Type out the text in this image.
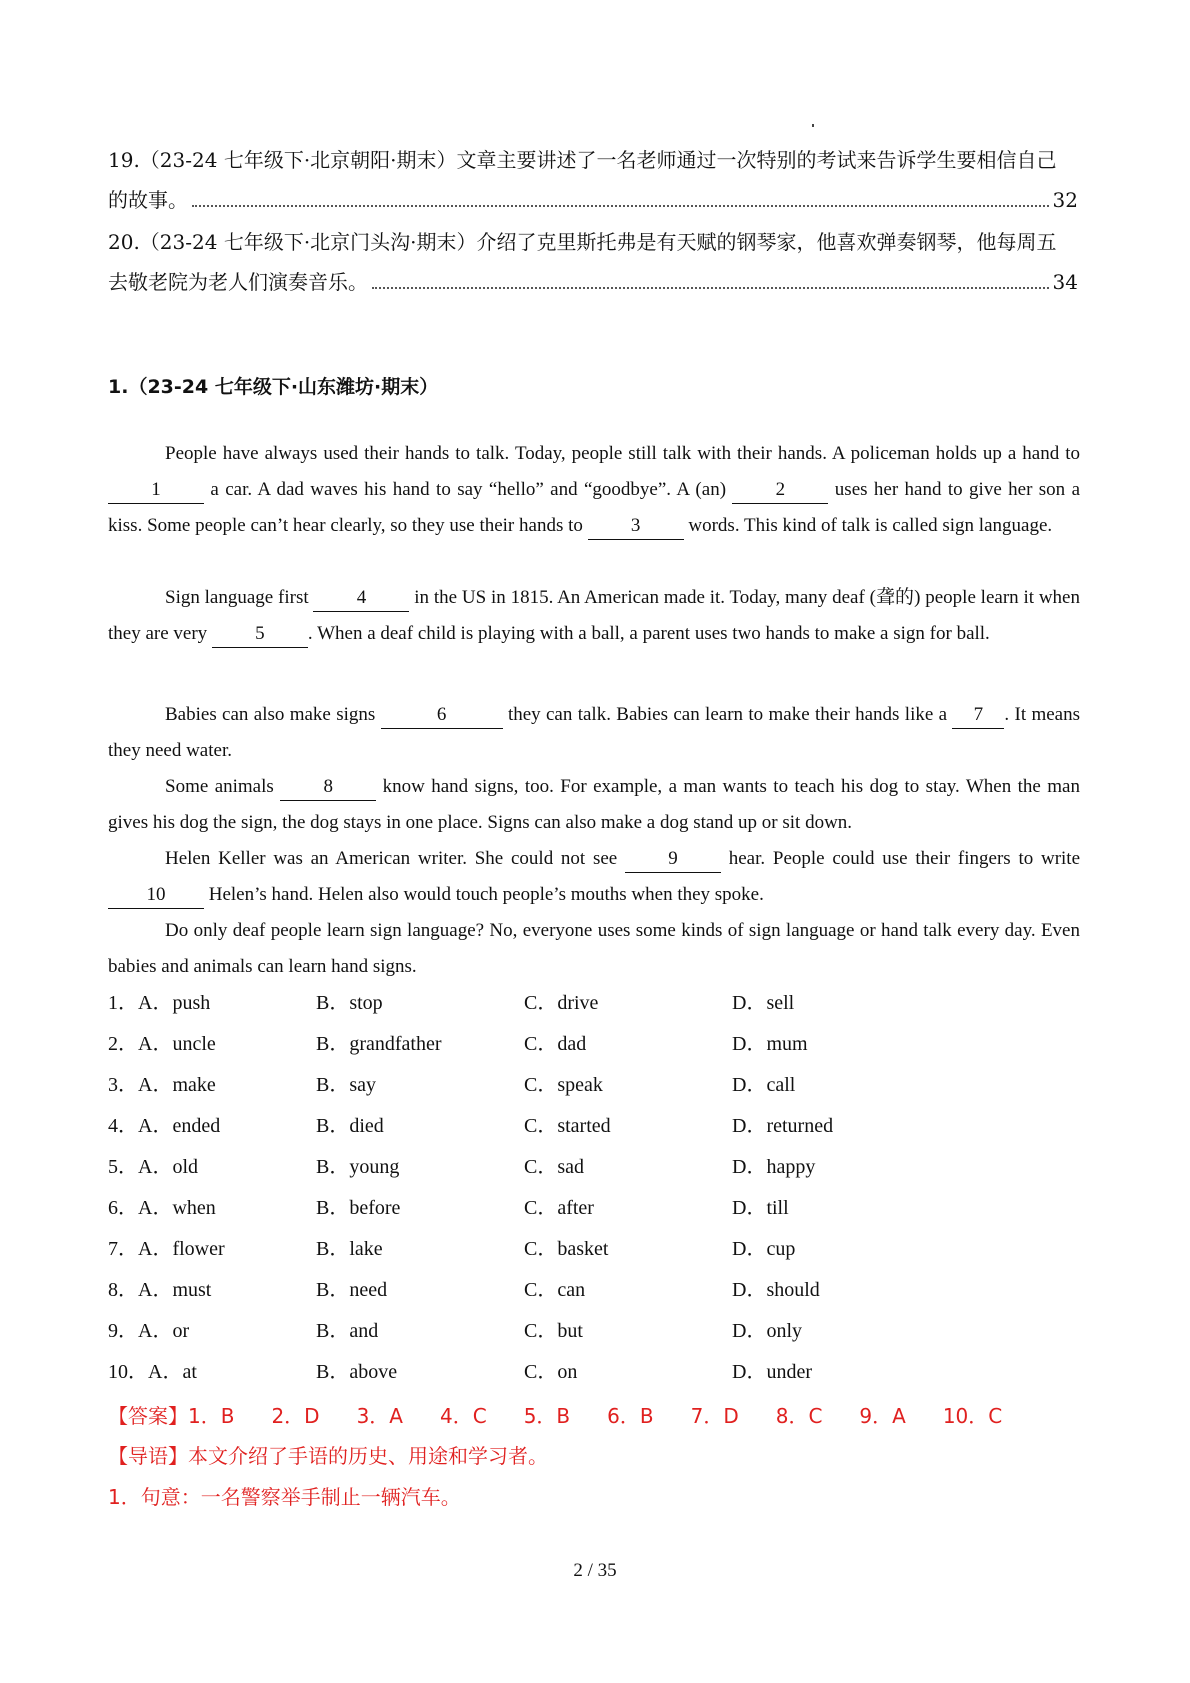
19.（23-24 七年级下·北京朝阳·期末）文章主要讲述了一名老师通过一次特别的考试来告诉学生要相信自己
的故事。	32
20.（23-24 七年级下·北京门头沟·期末）介绍了克里斯托弗是有天赋的钢琴家，他喜欢弹奏钢琴，他每周五
去敬老院为老人们演奏音乐。	34
1.（23-24 七年级下·山东潍坊·期末）

People have always used their hands to talk. Today, people still talk with their hands. A policeman holds up a hand to 1 a car. A dad waves his hand to say “hello” and “goodbye”. A (an) 2 uses her hand to give her son a kiss. Some people can’t hear clearly, so they use their hands to 3 words. This kind of talk is called sign language.

Sign language first 4 in the US in 1815. An American made it. Today, many deaf (聋的) people learn it when they are very 5 . When a deaf child is playing with a ball, a parent uses two hands to make a sign for ball.

Babies can also make signs	6	they can talk. Babies can learn to make their hands like a 7 . It means they need water.

Some animals 8 know hand signs, too. For example, a man wants to teach his dog to stay. When the man gives his dog the sign, the dog stays in one place. Signs can also make a dog stand up or sit down.

Helen Keller was an American writer. She could not see 9 hear. People could use their fingers to write 10 Helen’s hand. Helen also would touch people’s mouths when they spoke.

Do only deaf people learn sign language? No, everyone uses some kinds of sign language or hand talk every day. Even babies and animals can learn hand signs.

1．A．push	B．stop	C．drive	D．sell
2．A．uncle	B．grandfather	C．dad	D．mum
3．A．make	B．say	C．speak	D．call
4．A．ended	B．died	C．started	D．returned
5．A．old	B．young	C．sad	D．happy
6．A．when	B．before	C．after	D．till
7．A．flower	B．lake	C．basket	D．cup
8．A．must	B．need	C．can	D．should
9．A．or	B．and	C．but	D．only
10．A．at	B．above	C．on	D．under
【答案】1．B 2．D 3．A 4．C 5．B 6．B 7．D 8．C 9．A 10．C
【导语】本文介绍了手语的历史、用途和学习者。
1．句意：一名警察举手制止一辆汽车。
2 / 35
